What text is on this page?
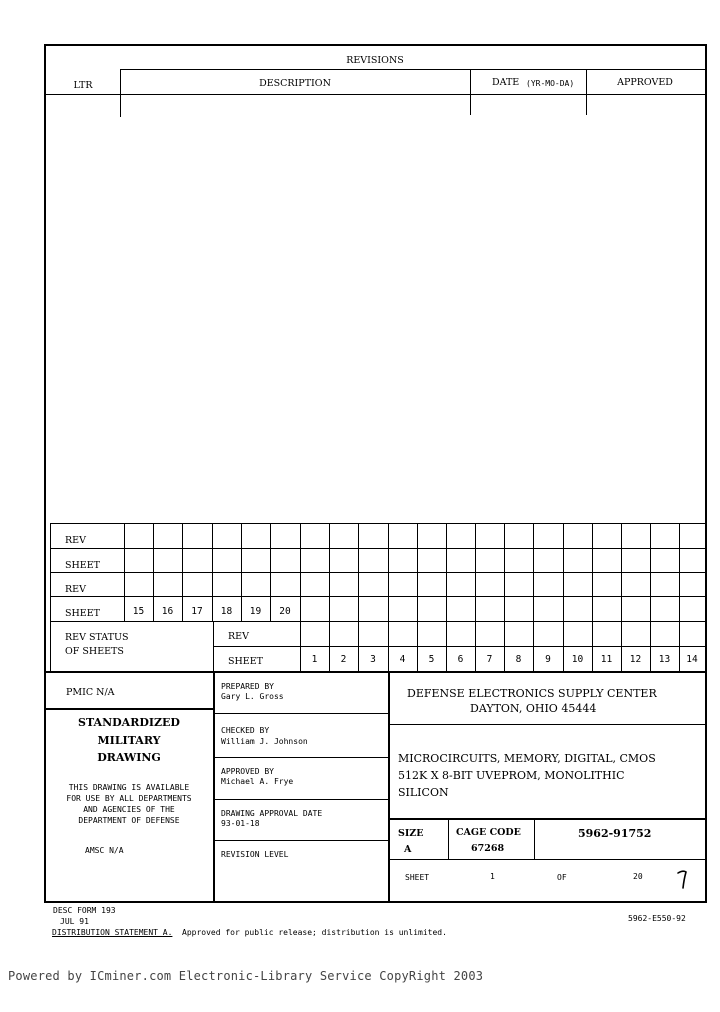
REVISIONS
LTR	DESCRIPTION	DATE (YR-MO-DA)	APPROVED
REV
SHEET
REV
SHEET	15	16	17	18	19	20
REV STATUS
OF SHEETS
REV
SHEET	1	2	3	4	5	6	7	8	9	10	11	12	13	14
PMIC N/A
STANDARDIZED
MILITARY
DRAWING
THIS DRAWING IS AVAILABLE
FOR USE BY ALL DEPARTMENTS
AND AGENCIES OF THE
DEPARTMENT OF DEFENSE
AMSC N/A
PREPARED BY
Gary L. Gross
CHECKED BY
William J. Johnson
APPROVED BY
Michael A. Frye
DRAWING APPROVAL DATE
93-01-18
REVISION LEVEL
DEFENSE ELECTRONICS SUPPLY CENTER
DAYTON, OHIO 45444
MICROCIRCUITS, MEMORY, DIGITAL, CMOS
512K X 8-BIT UVEPROM, MONOLITHIC
SILICON
SIZE
A
CAGE CODE
67268
5962-91752
SHEET	1	OF	20
DESC FORM 193
JUL 91
DISTRIBUTION STATEMENT A. Approved for public release; distribution is unlimited.
5962-E550-92
Powered by ICminer.com Electronic-Library Service CopyRight 2003
